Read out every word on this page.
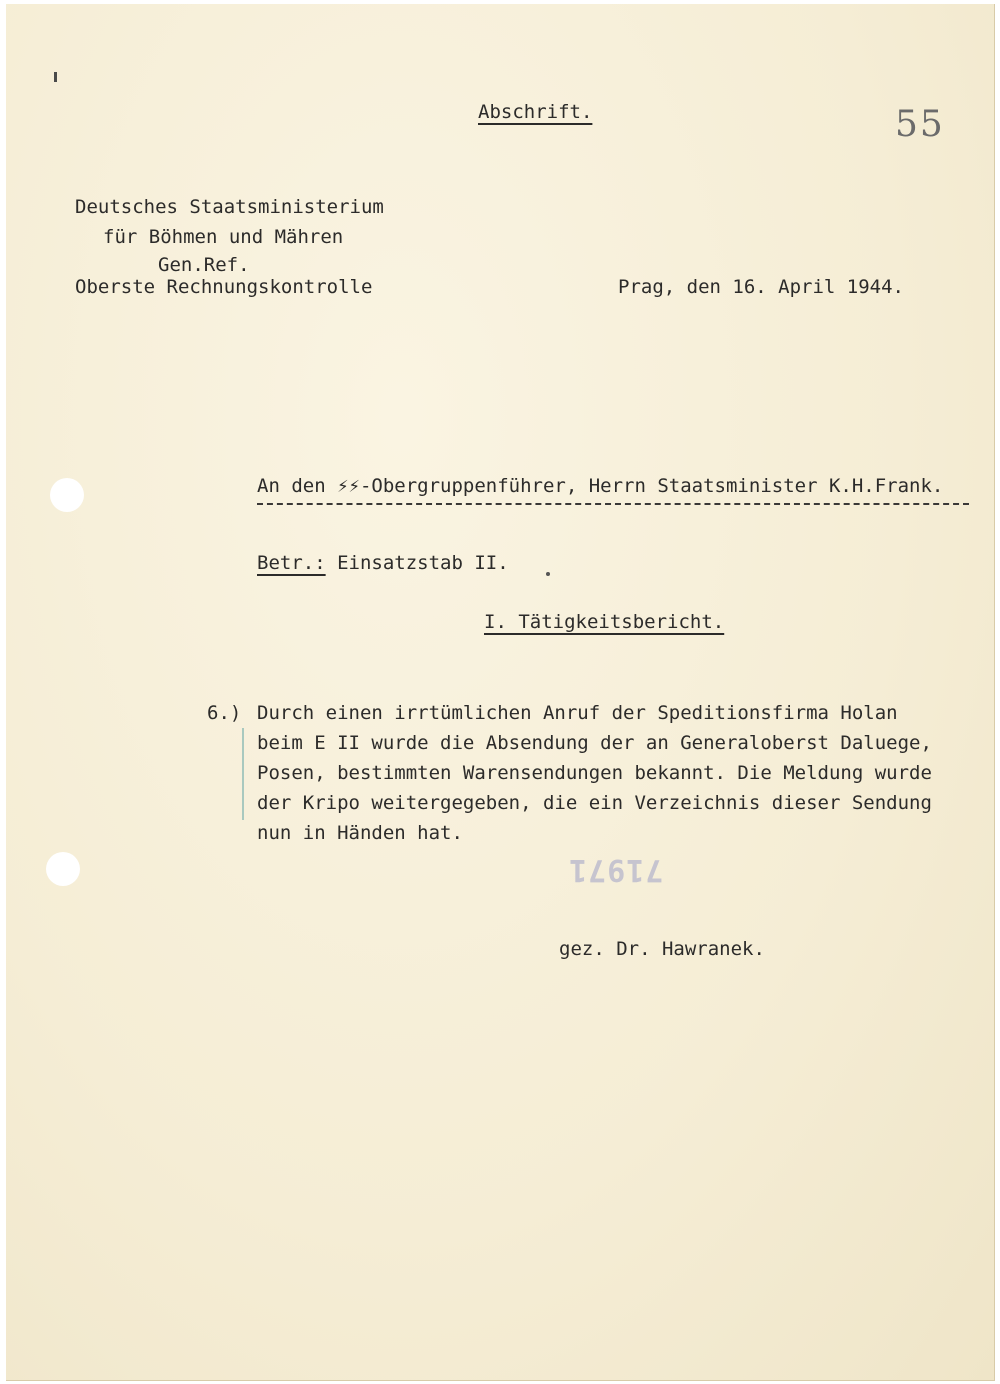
Abschrift.	55
Deutsches Staatsministerium
für Böhmen und Mähren
Gen.Ref.
Oberste Rechnungskontrolle	Prag, den 16. April 1944.
An den ⚡⚡-Obergruppenführer, Herrn Staatsminister K.H.Frank.
Betr.: Einsatzstab II.
I. Tätigkeitsbericht.
6.) Durch einen irrtümlichen Anruf der Speditionsfirma Holan
beim E II wurde die Absendung der an Generaloberst Daluege,
Posen, bestimmten Warensendungen bekannt. Die Meldung wurde
der Kripo weitergegeben, die ein Verzeichnis dieser Sendung
nun in Händen hat.
71971
gez. Dr. Hawranek.
